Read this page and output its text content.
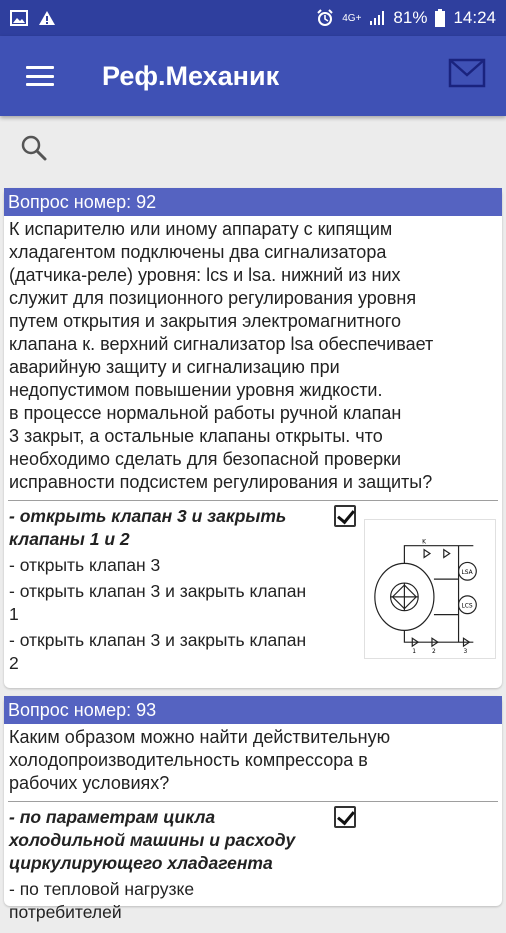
4G+ 81% 14:24
Реф.Механик
Вопрос номер: 92
К испарителю или иному аппарату с кипящим
хладагентом подключены два сигнализатора
(датчика-реле) уровня: lcs и lsa. нижний из них
служит для позиционного регулирования уровня
путем открытия и закрытия электромагнитного
клапана к. верхний сигнализатор lsa обеспечивает
аварийную защиту и сигнализацию при
недопустимом повышении уровня жидкости.
в процессе нормальной работы ручной клапан
3 закрыт, а остальные клапаны открыты. что
необходимо сделать для безопасной проверки
исправности подсистем регулирования и защиты?
- открыть клапан 3 и закрыть клапаны 1 и 2
- открыть клапан 3
- открыть клапан 3 и закрыть клапан 1
- открыть клапан 3 и закрыть клапан 2
LSA
LCS
K
1	2	3
Вопрос номер: 93
Каким образом можно найти действительную
холодопроизводительность компрессора в
рабочих условиях?
- по параметрам цикла холодильной машины и расходу циркулирующего хладагента
- по тепловой нагрузке потребителей
